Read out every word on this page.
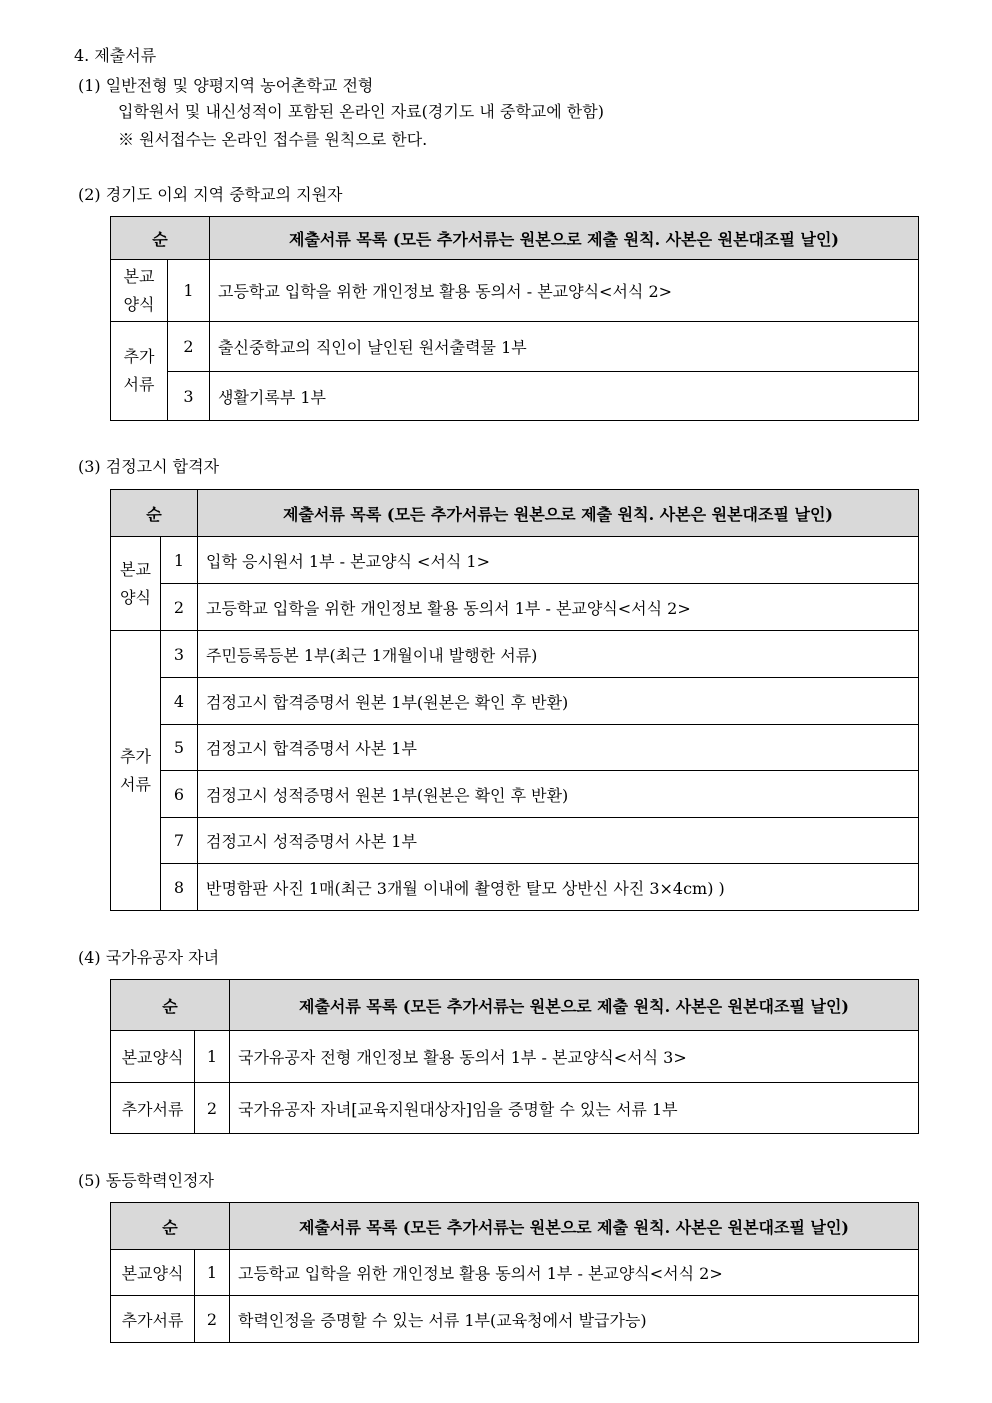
4. 제출서류
(1) 일반전형 및 양평지역 농어촌학교 전형
입학원서 및 내신성적이 포함된 온라인 자료(경기도 내 중학교에 한함)
※ 원서접수는 온라인 접수를 원칙으로 한다.
(2) 경기도 이외 지역 중학교의 지원자
순		제출서류 목록 (모든 추가서류는 원본으로 제출 원칙. 사본은 원본대조필 날인)
본교
양식	1	고등학교 입학을 위한 개인정보 활용 동의서 - 본교양식<서식 2>
추가
서류	2	출신중학교의 직인이 날인된 원서출력물 1부
	3	생활기록부 1부
(3) 검정고시 합격자
순		제출서류 목록 (모든 추가서류는 원본으로 제출 원칙. 사본은 원본대조필 날인)
본교
양식	1	입학 응시원서 1부 - 본교양식 <서식 1>
	2	고등학교 입학을 위한 개인정보 활용 동의서 1부 - 본교양식<서식 2>
추가
서류	3	주민등록등본 1부(최근 1개월이내 발행한 서류)
	4	검정고시 합격증명서 원본 1부(원본은 확인 후 반환)
	5	검정고시 합격증명서 사본 1부
	6	검정고시 성적증명서 원본 1부(원본은 확인 후 반환)
	7	검정고시 성적증명서 사본 1부
	8	반명함판 사진 1매(최근 3개월 이내에 촬영한 탈모 상반신 사진 3×4cm) )
(4) 국가유공자 자녀
순		제출서류 목록 (모든 추가서류는 원본으로 제출 원칙. 사본은 원본대조필 날인)
본교양식	1	국가유공자 전형 개인정보 활용 동의서 1부 - 본교양식<서식 3>
추가서류	2	국가유공자 자녀[교육지원대상자]임을 증명할 수 있는 서류 1부
(5) 동등학력인정자
순		제출서류 목록 (모든 추가서류는 원본으로 제출 원칙. 사본은 원본대조필 날인)
본교양식	1	고등학교 입학을 위한 개인정보 활용 동의서 1부 - 본교양식<서식 2>
추가서류	2	학력인정을 증명할 수 있는 서류 1부(교육청에서 발급가능)
